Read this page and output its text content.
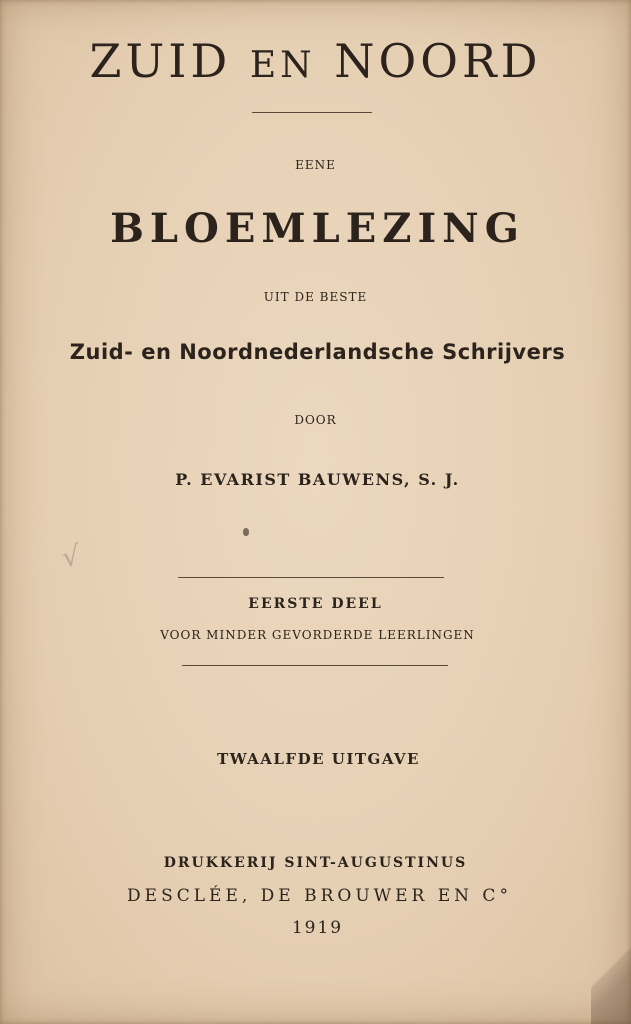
ZUID EN NOORD
EENE
BLOEMLEZING
UIT DE BESTE
Zuid- en Noordnederlandsche Schrijvers
DOOR
P. EVARIST BAUWENS, S. J.
√
EERSTE DEEL
VOOR MINDER GEVORDERDE LEERLINGEN
TWAALFDE UITGAVE
DRUKKERIJ SINT-AUGUSTINUS
DESCLÉE, DE BROUWER EN C°
1919
